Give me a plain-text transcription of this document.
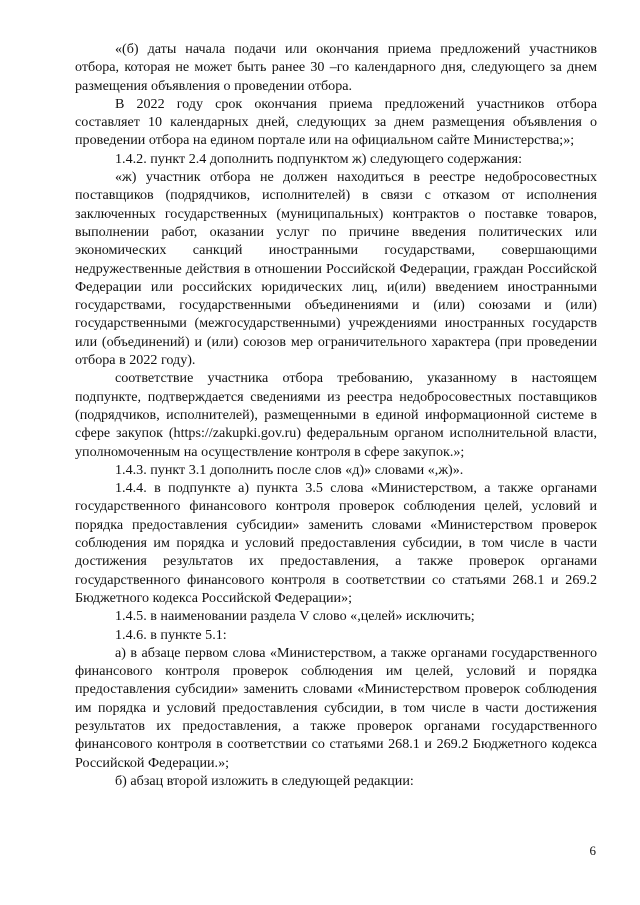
«(б) даты начала подачи или окончания приема предложений участников отбора, которая не может быть ранее 30 –го календарного дня, следующего за днем размещения объявления о проведении отбора.

В 2022 году срок окончания приема предложений участников отбора составляет 10 календарных дней, следующих за днем размещения объявления о проведении отбора на едином портале или на официальном сайте Министерства;»;

1.4.2. пункт 2.4 дополнить подпунктом ж) следующего содержания:

«ж) участник отбора не должен находиться в реестре недобросовестных поставщиков (подрядчиков, исполнителей) в связи с отказом от исполнения заключенных государственных (муниципальных) контрактов о поставке товаров, выполнении работ, оказании услуг по причине введения политических или экономических санкций иностранными государствами, совершающими недружественные действия в отношении Российской Федерации, граждан Российской Федерации или российских юридических лиц, и(или) введением иностранными государствами, государственными объединениями и (или) союзами и (или) государственными (межгосударственными) учреждениями иностранных государств или (объединений) и (или) союзов мер ограничительного характера (при проведении отбора в 2022 году).

соответствие участника отбора требованию, указанному в настоящем подпункте, подтверждается сведениями из реестра недобросовестных поставщиков (подрядчиков, исполнителей), размещенными в единой информационной системе в сфере закупок (https://zakupki.gov.ru) федеральным органом исполнительной власти, уполномоченным на осуществление контроля в сфере закупок.»;

1.4.3. пункт 3.1 дополнить после слов «д)» словами «,ж)».

1.4.4. в подпункте а) пункта 3.5 слова «Министерством, а также органами государственного финансового контроля проверок соблюдения целей, условий и порядка предоставления субсидии» заменить словами «Министерством проверок соблюдения им порядка и условий предоставления субсидии, в том числе в части достижения результатов их предоставления, а также проверок органами государственного финансового контроля в соответствии со статьями 268.1 и 269.2 Бюджетного кодекса Российской Федерации»;

1.4.5. в наименовании раздела V слово «,целей» исключить;

1.4.6. в пункте 5.1:

а) в абзаце первом слова «Министерством, а также органами государственного финансового контроля проверок соблюдения им целей, условий и порядка предоставления субсидии» заменить словами «Министерством проверок соблюдения им порядка и условий предоставления субсидии, в том числе в части достижения результатов их предоставления, а также проверок органами государственного финансового контроля в соответствии со статьями 268.1 и 269.2 Бюджетного кодекса Российской Федерации.»;

б) абзац второй изложить в следующей редакции:

6
